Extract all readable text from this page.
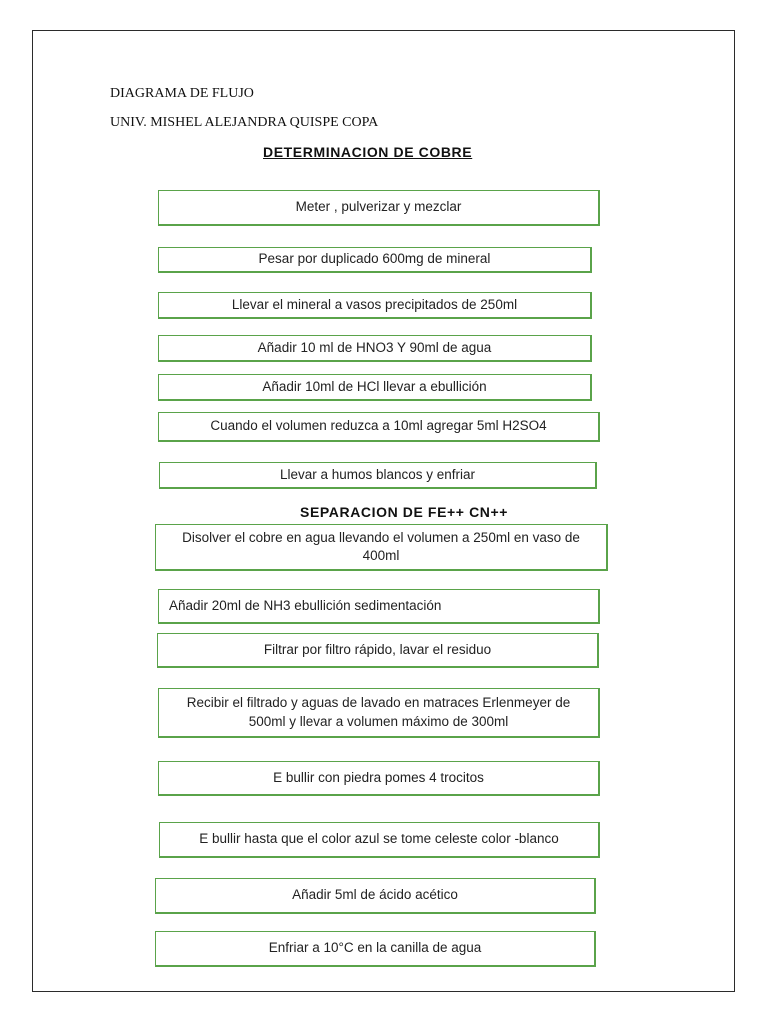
DIAGRAMA DE FLUJO
UNIV. MISHEL ALEJANDRA QUISPE COPA
DETERMINACION DE COBRE
Meter , pulverizar y mezclar
Pesar por duplicado 600mg de mineral
Llevar el mineral a vasos precipitados de 250ml
Añadir 10 ml de HNO3 Y 90ml de agua
Añadir 10ml de HCl llevar a ebullición
Cuando el volumen reduzca a 10ml agregar 5ml H2SO4
Llevar a humos blancos y enfriar
SEPARACION DE FE++ CN++
Disolver el cobre en agua llevando el volumen a 250ml en vaso de 400ml
Añadir 20ml de NH3 ebullición sedimentación
Filtrar por filtro rápido, lavar el residuo
Recibir el filtrado y aguas de lavado en matraces Erlenmeyer de 500ml y llevar a volumen máximo de 300ml
E bullir con piedra pomes 4 trocitos
E bullir hasta que el color azul se tome celeste color -blanco
Añadir 5ml de ácido acético
Enfriar a 10°C en la canilla de agua
